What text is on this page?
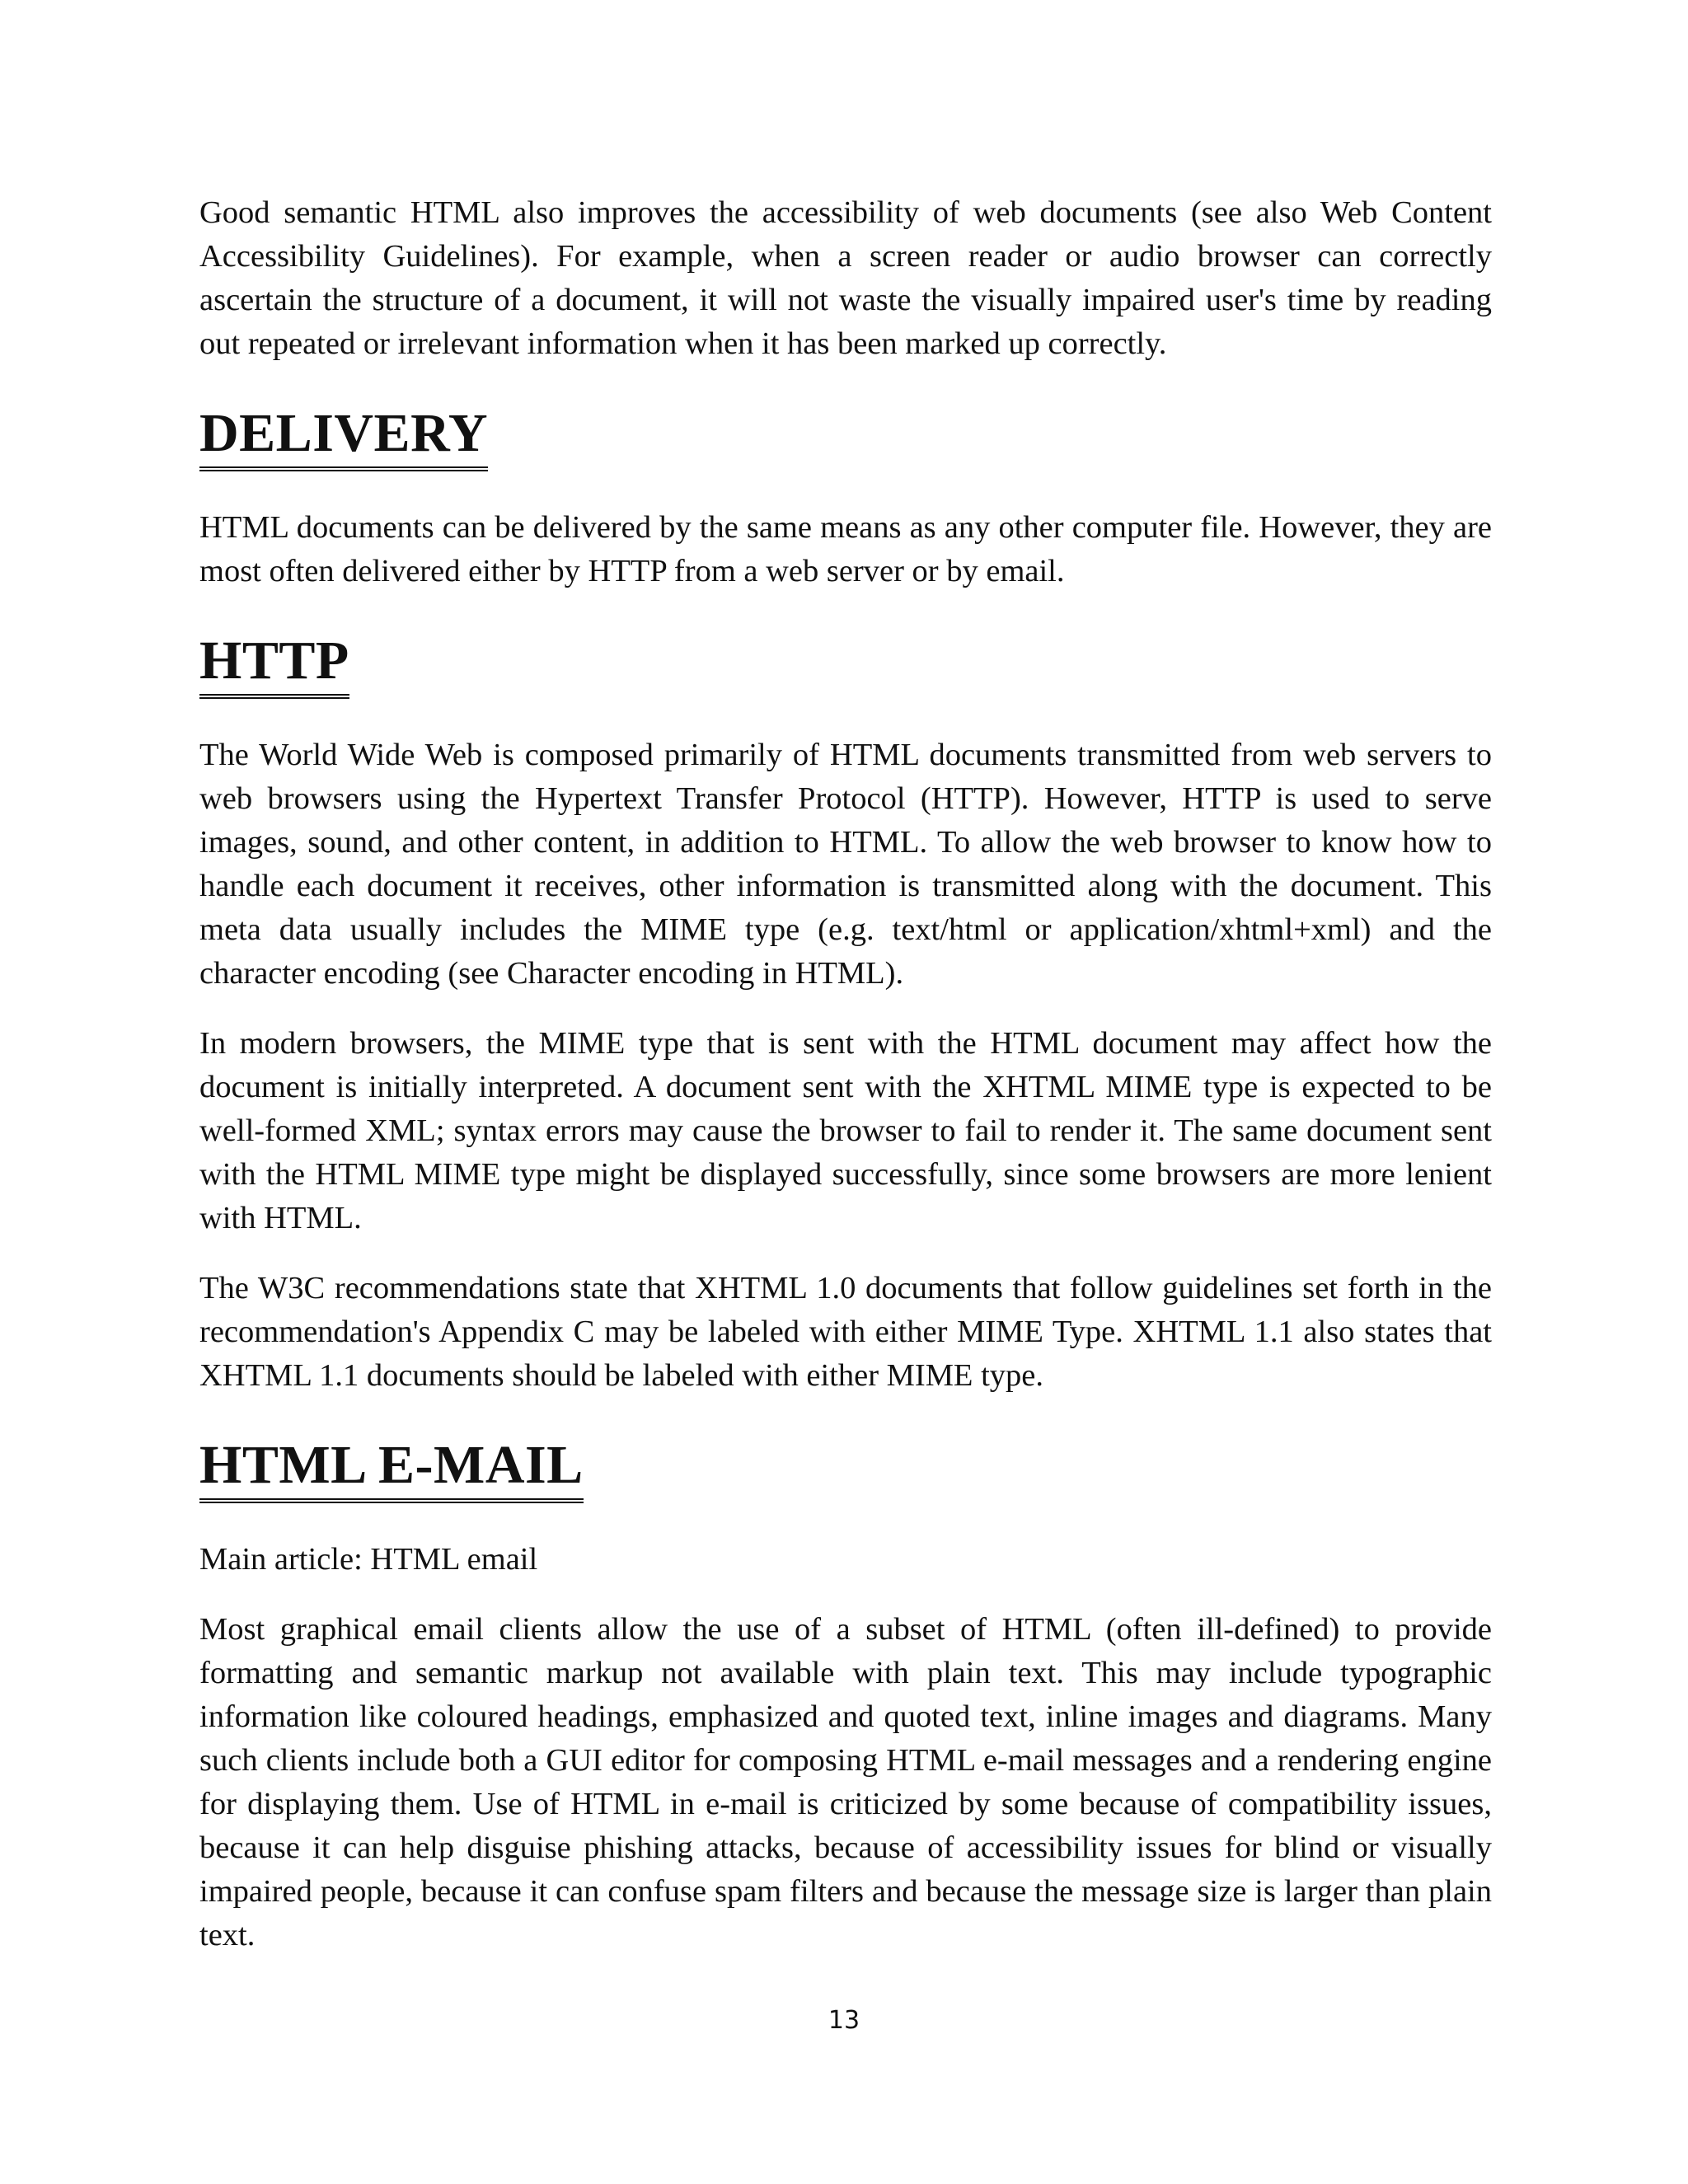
Good semantic HTML also improves the accessibility of web documents (see also Web Content Accessibility Guidelines). For example, when a screen reader or audio browser can correctly ascertain the structure of a document, it will not waste the visually impaired user's time by reading out repeated or irrelevant information when it has been marked up correctly.

DELIVERY

HTML documents can be delivered by the same means as any other computer file. However, they are most often delivered either by HTTP from a web server or by email.

HTTP

The World Wide Web is composed primarily of HTML documents transmitted from web servers to web browsers using the Hypertext Transfer Protocol (HTTP). However, HTTP is used to serve images, sound, and other content, in addition to HTML. To allow the web browser to know how to handle each document it receives, other information is transmitted along with the document. This meta data usually includes the MIME type (e.g. text/html or application/xhtml+xml) and the character encoding (see Character encoding in HTML).

In modern browsers, the MIME type that is sent with the HTML document may affect how the document is initially interpreted. A document sent with the XHTML MIME type is expected to be well-formed XML; syntax errors may cause the browser to fail to render it. The same document sent with the HTML MIME type might be displayed successfully, since some browsers are more lenient with HTML.

The W3C recommendations state that XHTML 1.0 documents that follow guidelines set forth in the recommendation's Appendix C may be labeled with either MIME Type. XHTML 1.1 also states that XHTML 1.1 documents should be labeled with either MIME type.

HTML E-MAIL

Main article: HTML email

Most graphical email clients allow the use of a subset of HTML (often ill-defined) to provide formatting and semantic markup not available with plain text. This may include typographic information like coloured headings, emphasized and quoted text, inline images and diagrams. Many such clients include both a GUI editor for composing HTML e-mail messages and a rendering engine for displaying them. Use of HTML in e-mail is criticized by some because of compatibility issues, because it can help disguise phishing attacks, because of accessibility issues for blind or visually impaired people, because it can confuse spam filters and because the message size is larger than plain text.

13
